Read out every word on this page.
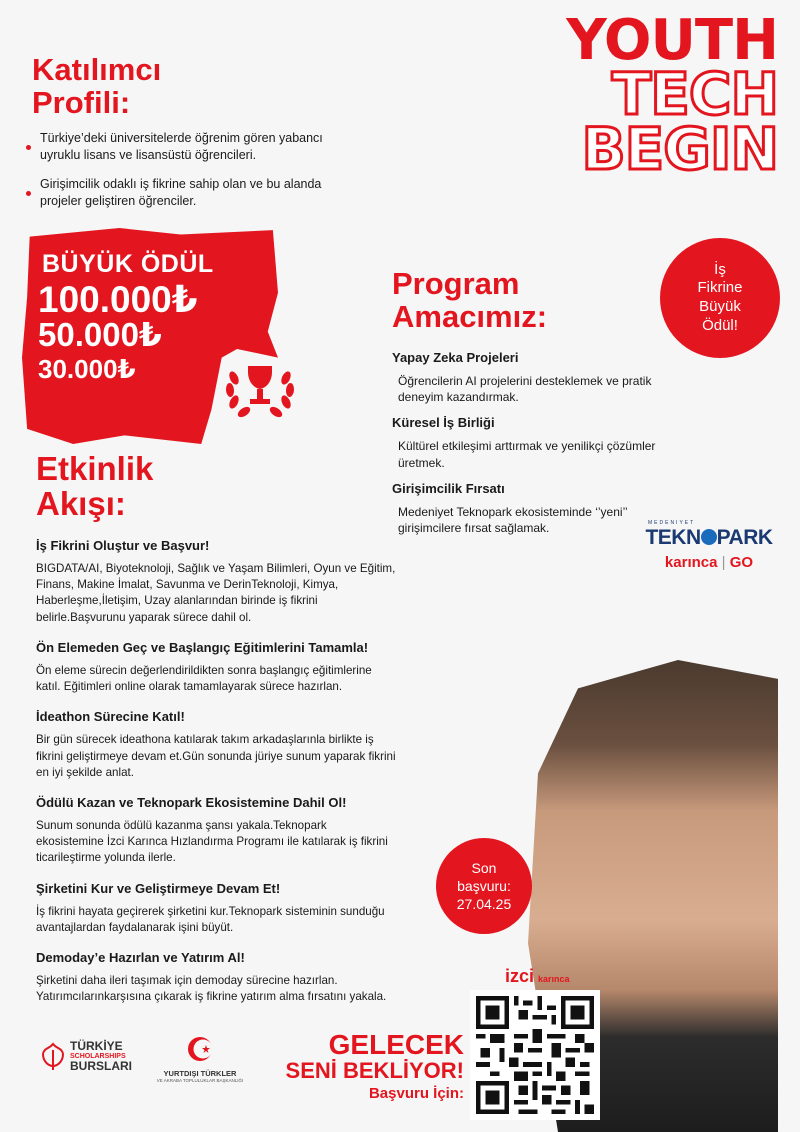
YOUTH
TECH
BEGIN
Katılımcı
Profili:
Türkiye’deki üniversitelerde öğrenim gören yabancı uyruklu lisans ve lisansüstü öğrencileri.
Girişimcilik odaklı iş fikrine sahip olan ve bu alanda projeler geliştiren öğrenciler.
BÜYÜK ÖDÜL
100.000₺
50.000₺
30.000₺
Program
Amacımız:
Yapay Zeka Projeleri
Öğrencilerin AI projelerini desteklemek ve pratik deneyim kazandırmak.
Küresel İş Birliği
Kültürel etkileşimi arttırmak ve yenilikçi çözümler üretmek.
Girişimcilik Fırsatı
Medeniyet Teknopark ekosisteminde ‘’yeni’’ girişimcilere fırsat sağlamak.
İş
Fikrine
Büyük
Ödül!
MEDENIYET
TEKN PARK
karınca | GO
Etkinlik
Akışı:
İş Fikrini Oluştur ve Başvur!
BIGDATA/AI, Biyoteknoloji, Sağlık ve Yaşam Bilimleri, Oyun ve Eğitim, Finans, Makine İmalat, Savunma ve DerinTeknoloji, Kimya, Haberleşme,İletişim, Uzay alanlarından birinde iş fikrini belirle.Başvurunu yaparak sürece dahil ol.
Ön Elemeden Geç ve Başlangıç Eğitimlerini Tamamla!
Ön eleme sürecin değerlendirildikten sonra başlangıç eğitimlerine katıl. Eğitimleri online olarak tamamlayarak sürece hazırlan.
İdeathon Sürecine Katıl!
Bir gün sürecek ideathona katılarak takım arkadaşlarınla birlikte iş fikrini geliştirmeye devam et.Gün sonunda jüriye sunum yaparak fikrini en iyi şekilde anlat.
Ödülü Kazan ve Teknopark Ekosistemine Dahil Ol!
Sunum sonunda ödülü kazanma şansı yakala.Teknopark ekosistemine İzci Karınca Hızlandırma Programı ile katılarak iş fikrini ticarileştirme yolunda ilerle.
Şirketini Kur ve Geliştirmeye Devam Et!
İş fikrini hayata geçirerek şirketini kur.Teknopark sisteminin sunduğu avantajlardan faydalanarak işini büyüt.
Demoday’e Hazırlan ve Yatırım Al!
Şirketini daha ileri taşımak için demoday sürecine hazırlan. Yatırımcılarınkarşısına çıkarak iş fikrine yatırım alma fırsatını yakala.
Son
başvuru:
27.04.25
izci karınca
GELECEK
SENİ BEKLİYOR!
Başvuru İçin:
TÜRKİYE
SCHOLARSHIPS
BURSLARI
YURTDIŞI TÜRKLER
VE AKRABA TOPLULUKLAR BAŞKANLIĞI
